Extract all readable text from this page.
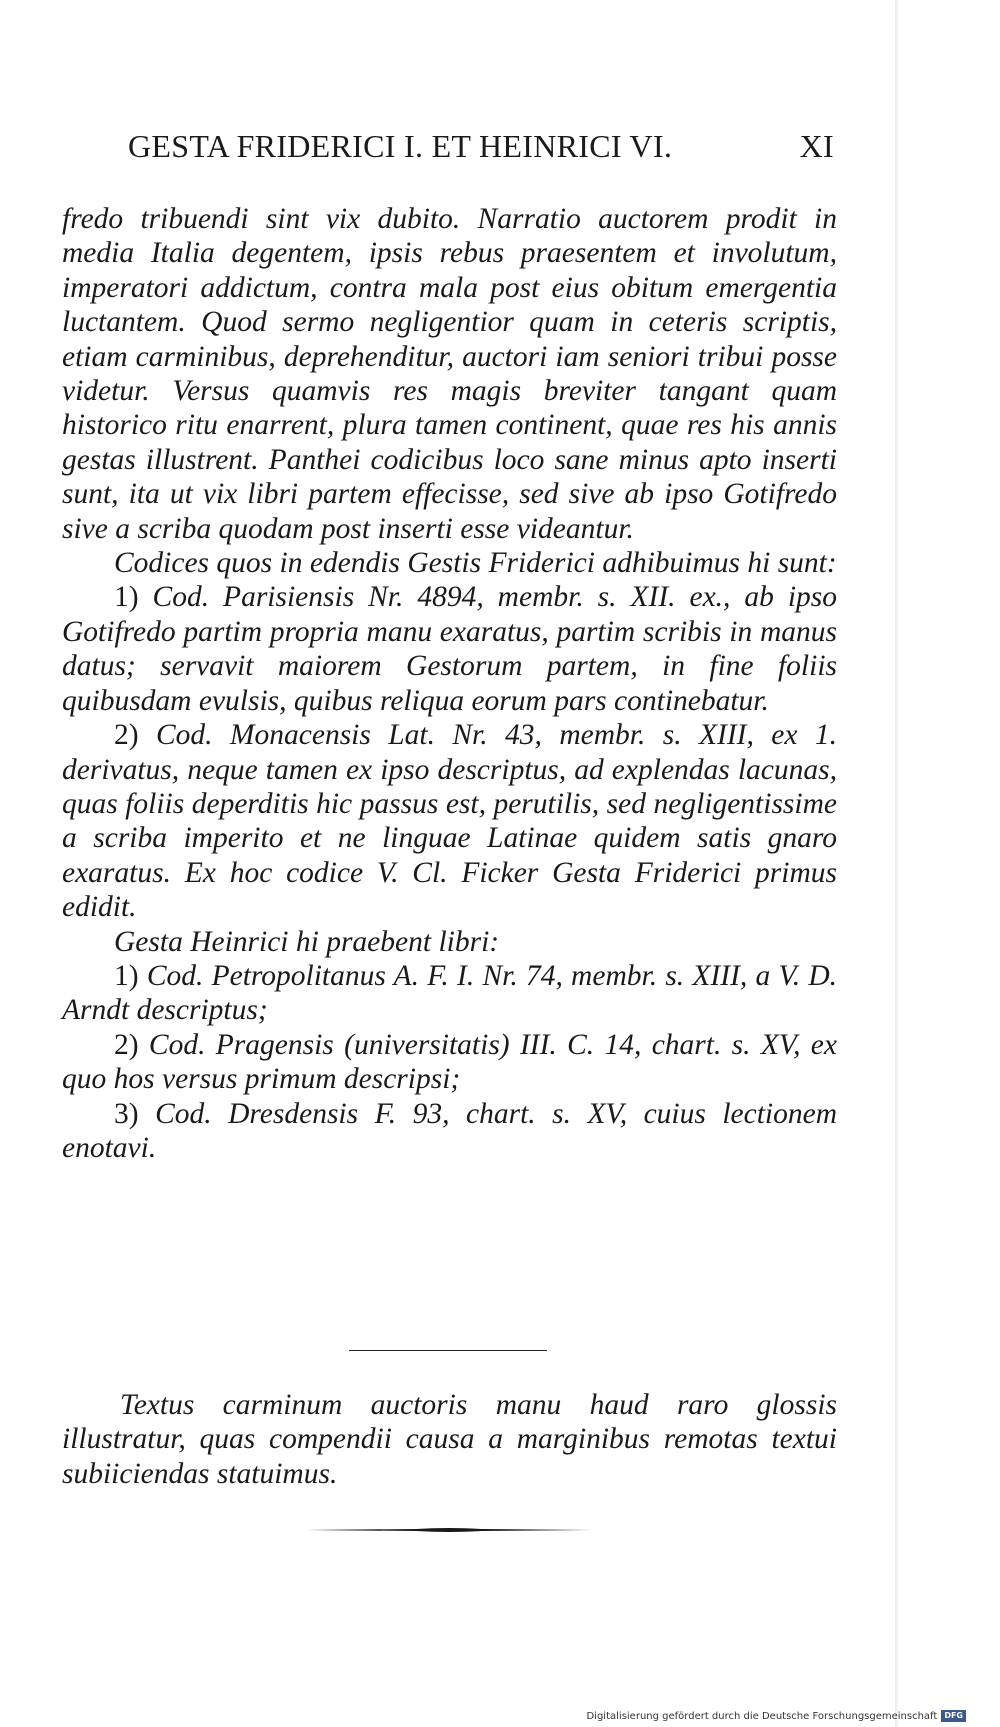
GESTA FRIDERICI I. ET HEINRICI VI.	XI

fredo tribuendi sint vix dubito. Narratio auctorem prodit in media Italia degentem, ipsis rebus praesentem et involutum, imperatori addictum, contra mala post eius obitum emergentia luctantem. Quod sermo negligentior quam in ceteris scriptis, etiam carminibus, deprehenditur, auctori iam seniori tribui posse videtur. Versus quamvis res magis breviter tangant quam historico ritu enarrent, plura tamen continent, quae res his annis gestas illustrent. Panthei codicibus loco sane minus apto inserti sunt, ita ut vix libri partem effecisse, sed sive ab ipso Gotifredo sive a scriba quodam post inserti esse videantur.

Codices quos in edendis Gestis Friderici adhibuimus hi sunt:

1) Cod. Parisiensis Nr. 4894, membr. s. XII. ex., ab ipso Gotifredo partim propria manu exaratus, partim scribis in manus datus; servavit maiorem Gestorum partem, in fine foliis quibusdam evulsis, quibus reliqua eorum pars continebatur.

2) Cod. Monacensis Lat. Nr. 43, membr. s. XIII, ex 1. derivatus, neque tamen ex ipso descriptus, ad explendas lacunas, quas foliis deperditis hic passus est, perutilis, sed negligentissime a scriba imperito et ne linguae Latinae quidem satis gnaro exaratus. Ex hoc codice V. Cl. Ficker Gesta Friderici primus edidit.

Gesta Heinrici hi praebent libri:

1) Cod. Petropolitanus A. F. I. Nr. 74, membr. s. XIII, a V. D. Arndt descriptus;

2) Cod. Pragensis (universitatis) III. C. 14, chart. s. XV, ex quo hos versus primum descripsi;

3) Cod. Dresdensis F. 93, chart. s. XV, cuius lectionem enotavi.

Textus carminum auctoris manu haud raro glossis illustratur, quas compendii causa a marginibus remotas textui subiiciendas statuimus.

Digitalisierung gefördert durch die Deutsche Forschungsgemeinschaft DFG
